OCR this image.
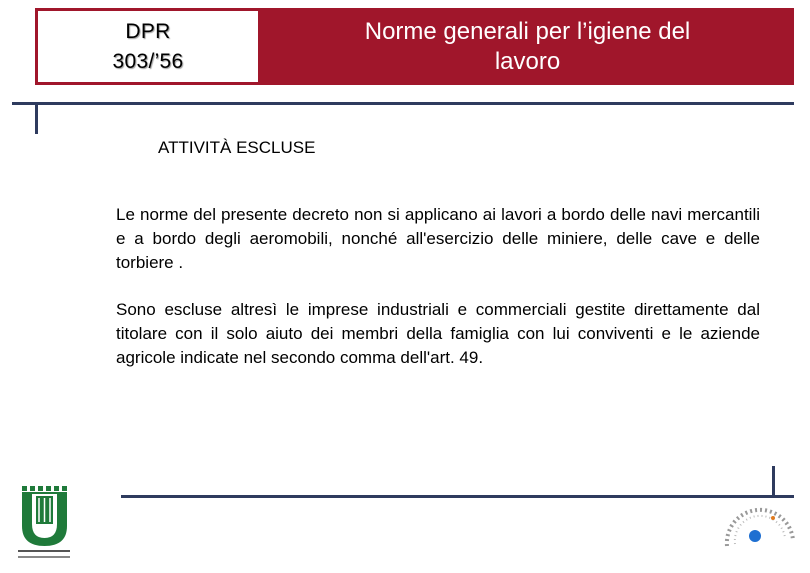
DPR
303/’56
Norme generali per l’igiene del
lavoro
ATTIVITÀ ESCLUSE
Le norme del presente decreto non si applicano ai lavori a bordo delle navi mercantili e a bordo degli aeromobili, nonché all'esercizio delle miniere, delle cave e delle torbiere .
Sono escluse altresì le imprese industriali e commerciali gestite direttamente dal titolare con il solo aiuto dei membri della famiglia con lui conviventi e le aziende agricole indicate nel secondo comma dell'art. 49.
